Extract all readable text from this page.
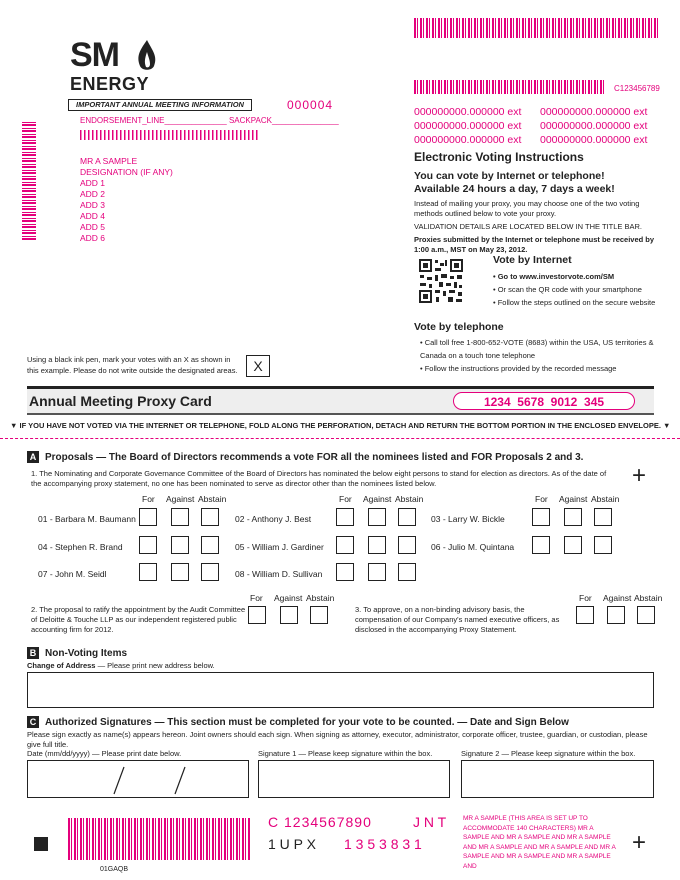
SM
ENERGY
IMPORTANT ANNUAL MEETING INFORMATION	000004
ENDORSEMENT_LINE______________ SACKPACK_______________
MR A SAMPLE
DESIGNATION (IF ANY)
ADD 1
ADD 2
ADD 3
ADD 4
ADD 5
ADD 6
C123456789
000000000.000000 ext
000000000.000000 ext
000000000.000000 ext
000000000.000000 ext
000000000.000000 ext
000000000.000000 ext
Electronic Voting Instructions
You can vote by Internet or telephone!
Available 24 hours a day, 7 days a week!
Instead of mailing your proxy, you may choose one of the two voting methods outlined below to vote your proxy.
VALIDATION DETAILS ARE LOCATED BELOW IN THE TITLE BAR.
Proxies submitted by the Internet or telephone must be received by 1:00 a.m., MST on May 23, 2012.
Vote by Internet
• Go to www.investorvote.com/SM
• Or scan the QR code with your smartphone
• Follow the steps outlined on the secure website
Vote by telephone
• Call toll free 1-800-652-VOTE (8683) within the USA, US territories & Canada on a touch tone telephone
• Follow the instructions provided by the recorded message
Using a black ink pen, mark your votes with an X as shown in this example. Please do not write outside the designated areas.	X
Annual Meeting Proxy Card	1234  5678  9012  345
▼ IF YOU HAVE NOT VOTED VIA THE INTERNET OR TELEPHONE, FOLD ALONG THE PERFORATION, DETACH AND RETURN THE BOTTOM PORTION IN THE ENCLOSED ENVELOPE. ▼
A Proposals — The Board of Directors recommends a vote FOR all the nominees listed and FOR Proposals 2 and 3.
1. The Nominating and Corporate Governance Committee of the Board of Directors has nominated the below eight persons to stand for election as directors. As of the date of the accompanying proxy statement, no one has been nominated to serve as director other than the nominees listed below.	+
For Against Abstain	For Against Abstain	For Against Abstain
01 - Barbara M. Baumann	02 - Anthony J. Best	03 - Larry W. Bickle
04 - Stephen R. Brand	05 - William J. Gardiner	06 - Julio M. Quintana
07 - John M. Seidl	08 - William D. Sullivan
For Against Abstain
2. The proposal to ratify the appointment by the Audit Committee of Deloitte & Touche LLP as our independent registered public accounting firm for 2012.
For Against Abstain
3. To approve, on a non-binding advisory basis, the compensation of our Company's named executive officers, as disclosed in the accompanying Proxy Statement.
B Non-Voting Items
Change of Address — Please print new address below.
C Authorized Signatures — This section must be completed for your vote to be counted. — Date and Sign Below
Please sign exactly as name(s) appears hereon. Joint owners should each sign. When signing as attorney, executor, administrator, corporate officer, trustee, guardian, or custodian, please give full title.
Date (mm/dd/yyyy) — Please print date below.	Signature 1 — Please keep signature within the box.	Signature 2 — Please keep signature within the box.
C 1234567890	J N T
1 U P X 1 3 5 3 8 3 1
MR A SAMPLE (THIS AREA IS SET UP TO ACCOMMODATE 140 CHARACTERS) MR A SAMPLE AND MR A SAMPLE AND MR A SAMPLE AND MR A SAMPLE AND MR A SAMPLE AND MR A SAMPLE AND MR A SAMPLE AND MR A SAMPLE AND
+
01GAQB
